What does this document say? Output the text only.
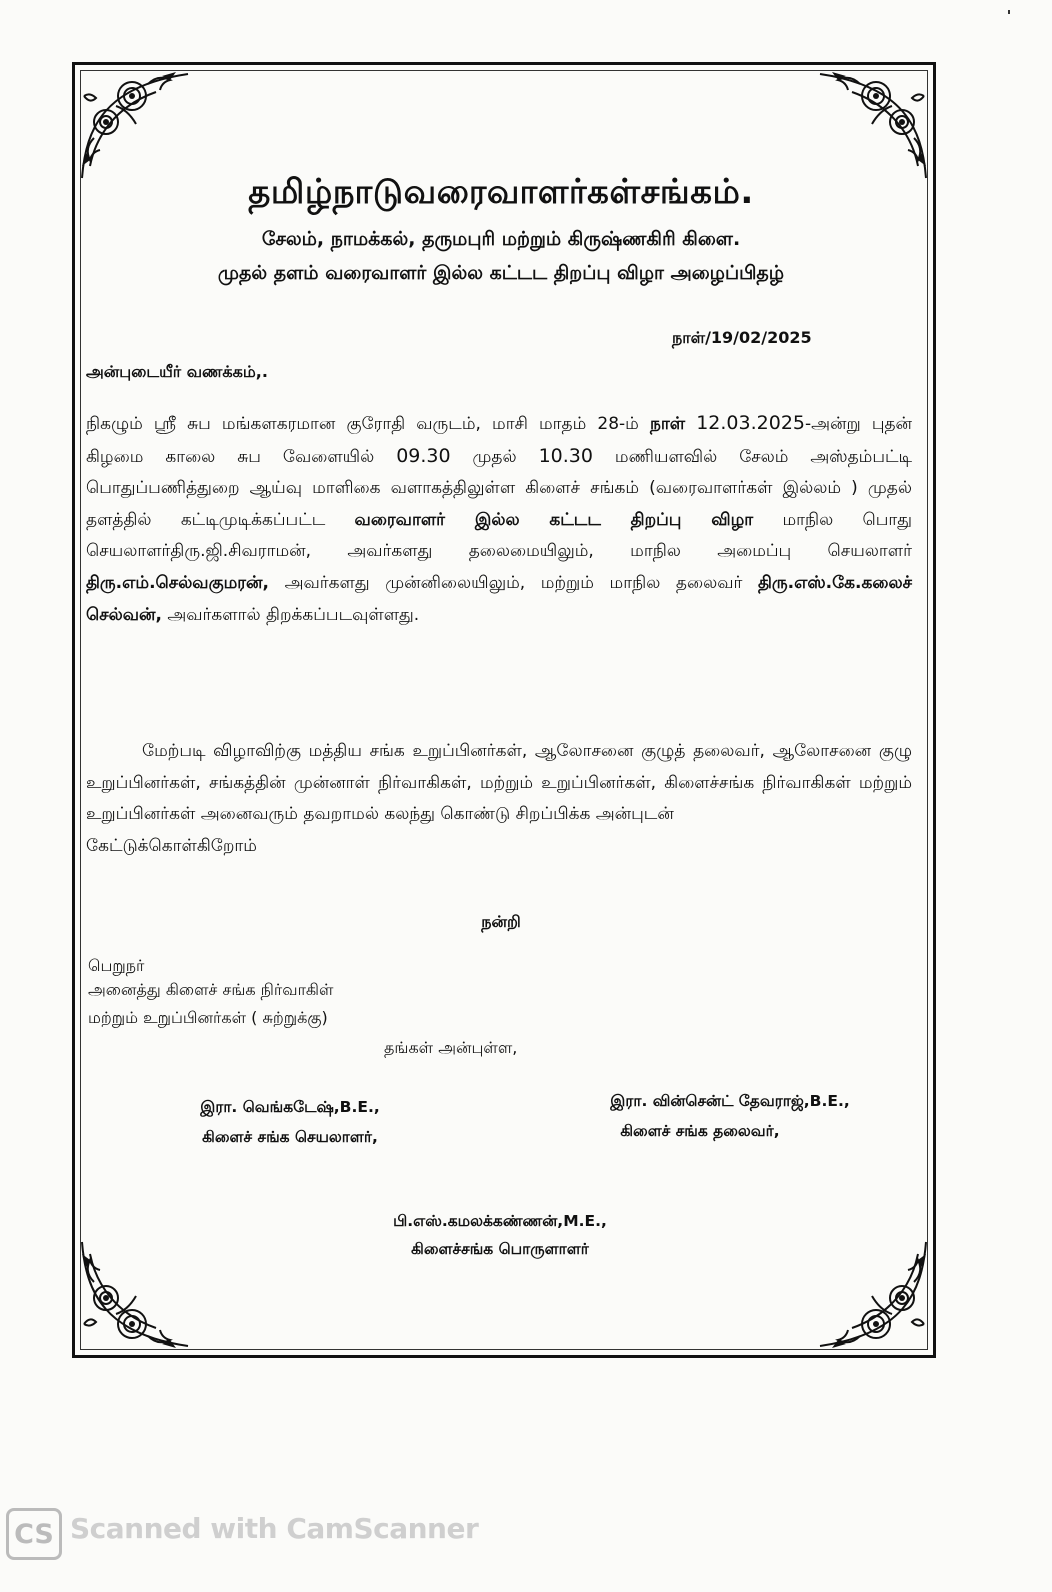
தமிழ்நாடுவரைவாளர்கள்சங்கம்.
சேலம், நாமக்கல், தருமபுரி மற்றும் கிருஷ்ணகிரி கிளை.
முதல் தளம் வரைவாளர் இல்ல கட்டட திறப்பு விழா அழைப்பிதழ்
நாள்/19/02/2025
அன்புடையீர் வணக்கம்,.
நிகழும் ஸ்ரீ சுப மங்களகரமான குரோதி வருடம், மாசி மாதம் 28-ம் நாள் 12.03.2025-அன்று புதன் கிழமை காலை சுப வேளையில் 09.30 முதல் 10.30 மணியளவில் சேலம் அஸ்தம்பட்டி பொதுப்பணித்துறை ஆய்வு மாளிகை வளாகத்திலுள்ள கிளைச் சங்கம் (வரைவாளர்கள் இல்லம் ) முதல் தளத்தில் கட்டிமுடிக்கப்பட்ட வரைவாளர் இல்ல கட்டட திறப்பு விழா மாநில பொது செயலாளர்திரு.ஜி.சிவராமன், அவர்களது தலைமையிலும், மாநில அமைப்பு செயலாளர் திரு.எம்.செல்வகுமரன், அவர்களது முன்னிலையிலும், மற்றும் மாநில தலைவர் திரு.எஸ்.கே.கலைச் செல்வன், அவர்களால் திறக்கப்படவுள்ளது.
மேற்படி விழாவிற்கு மத்திய சங்க உறுப்பினர்கள், ஆலோசனை குழுத் தலைவர், ஆலோசனை குழு உறுப்பினர்கள், சங்கத்தின் முன்னாள் நிர்வாகிகள், மற்றும் உறுப்பினர்கள், கிளைச்சங்க நிர்வாகிகள் மற்றும் உறுப்பினர்கள் அனைவரும் தவறாமல் கலந்து கொண்டு சிறப்பிக்க அன்புடன்
கேட்டுக்கொள்கிறோம்
நன்றி
பெறுநர்
அனைத்து கிளைச் சங்க நிர்வாகிள்
மற்றும் உறுப்பினர்கள் ( சுற்றுக்கு)
தங்கள் அன்புள்ள,
இரா. வெங்கடேஷ்,B.E.,
கிளைச் சங்க செயலாளர்,
இரா. வின்சென்ட் தேவராஜ்,B.E.,
கிளைச் சங்க தலைவர்,
பி.எஸ்.கமலக்கண்ணன்,M.E.,
கிளைச்சங்க பொருளாளர்
CS Scanned with CamScanner
